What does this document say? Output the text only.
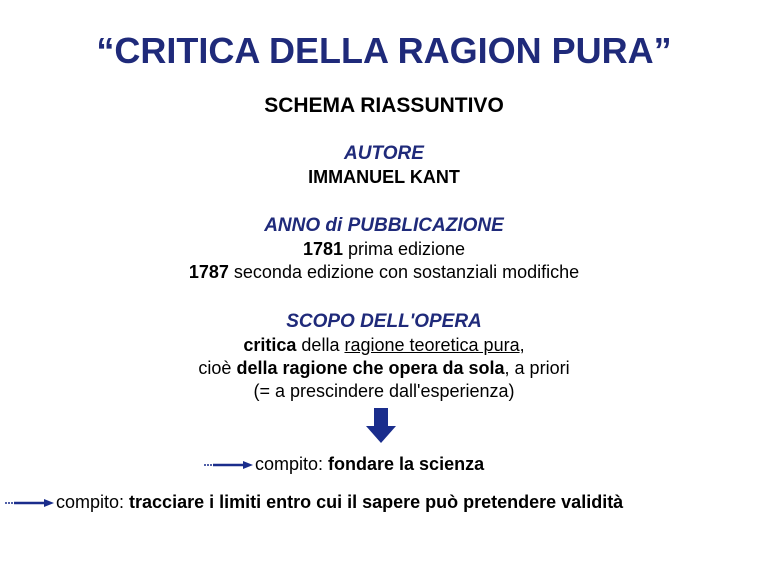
“CRITICA DELLA RAGION PURA”
SCHEMA RIASSUNTIVO
AUTORE
IMMANUEL KANT
ANNO di PUBBLICAZIONE
1781 prima edizione
1787 seconda edizione con sostanziali modifiche
SCOPO DELL'OPERA
critica della ragione teoretica pura,
cioè della ragione che opera da sola, a priori
(= a prescindere dall'esperienza)
compito: fondare la scienza
compito: tracciare i limiti entro cui il sapere può pretendere validità
